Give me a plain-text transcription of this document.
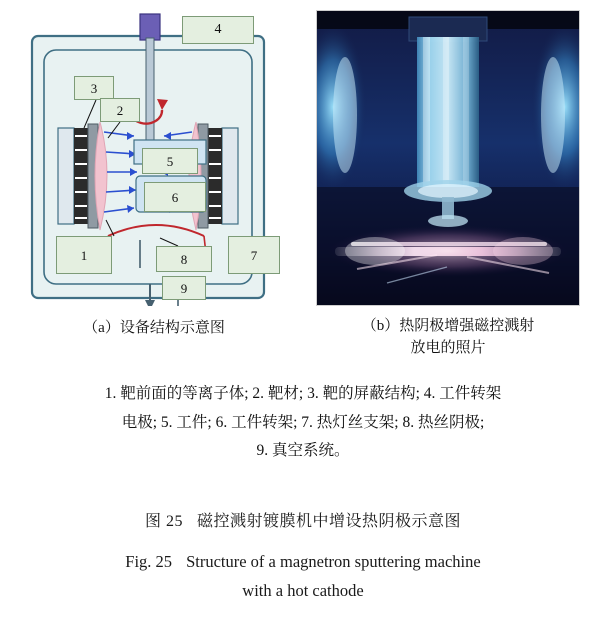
4
3
2
5
6
1	8	7
9
（a）设备结构示意图	（b）热阴极增强磁控溅射
放电的照片
1. 靶前面的等离子体; 2. 靶材; 3. 靶的屏蔽结构; 4. 工件转架
电极; 5. 工件; 6. 工件转架; 7. 热灯丝支架; 8. 热丝阴极;
9. 真空系统。
图 25 磁控溅射镀膜机中增设热阴极示意图
Fig. 25 Structure of a magnetron sputtering machine
with a hot cathode
